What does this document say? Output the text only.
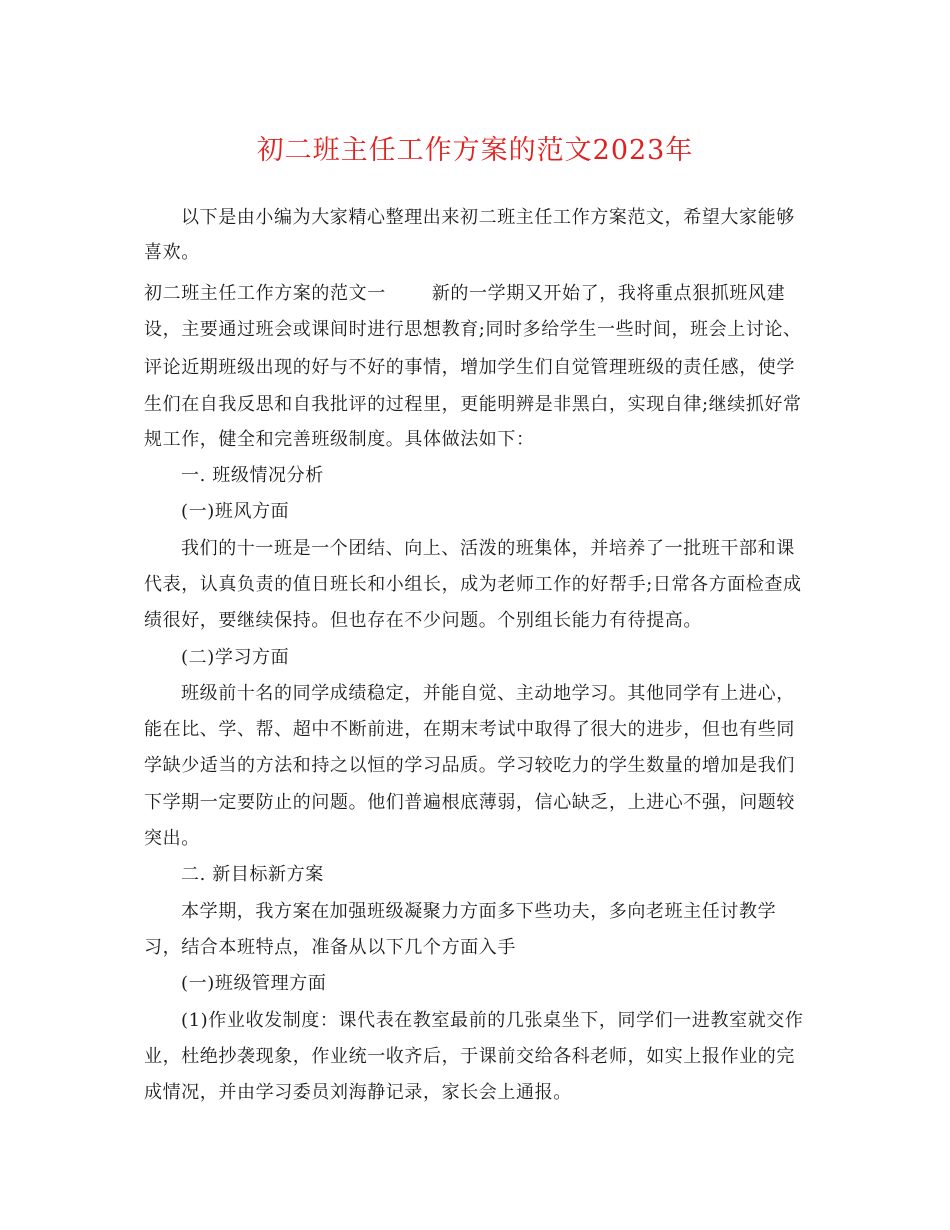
初二班主任工作方案的范文2023年

以下是由小编为大家精心整理出来初二班主任工作方案范文，希望大家能够

喜欢。

初二班主任工作方案的范文一	新的一学期又开始了，我将重点狠抓班风建

设，主要通过班会或课间时进行思想教育;同时多给学生一些时间，班会上讨论、

评论近期班级出现的好与不好的事情，增加学生们自觉管理班级的责任感，使学

生们在自我反思和自我批评的过程里，更能明辨是非黑白，实现自律;继续抓好常

规工作，健全和完善班级制度。具体做法如下：

一. 班级情况分析

(一)班风方面

我们的十一班是一个团结、向上、活泼的班集体，并培养了一批班干部和课

代表，认真负责的值日班长和小组长，成为老师工作的好帮手;日常各方面检查成

绩很好，要继续保持。但也存在不少问题。个别组长能力有待提高。

(二)学习方面

班级前十名的同学成绩稳定，并能自觉、主动地学习。其他同学有上进心，

能在比、学、帮、超中不断前进，在期末考试中取得了很大的进步，但也有些同

学缺少适当的方法和持之以恒的学习品质。学习较吃力的学生数量的增加是我们

下学期一定要防止的问题。他们普遍根底薄弱，信心缺乏，上进心不强，问题较

突出。

二. 新目标新方案

本学期，我方案在加强班级凝聚力方面多下些功夫，多向老班主任讨教学

习，结合本班特点，准备从以下几个方面入手

(一)班级管理方面

(1)作业收发制度：课代表在教室最前的几张桌坐下，同学们一进教室就交作

业，杜绝抄袭现象，作业统一收齐后，于课前交给各科老师，如实上报作业的完

成情况，并由学习委员刘海静记录，家长会上通报。
